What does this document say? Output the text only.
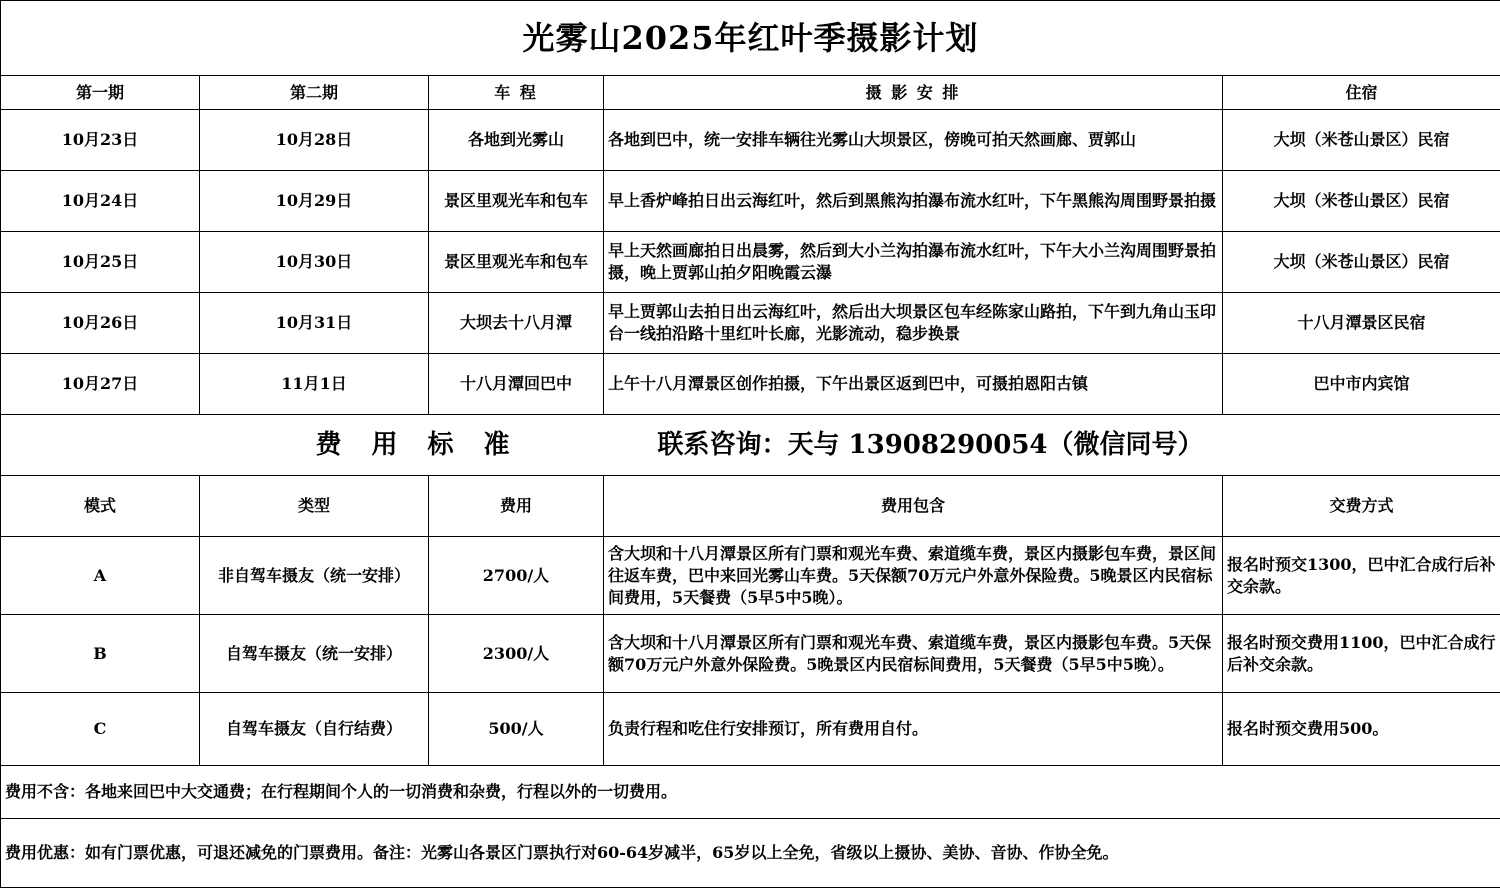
光雾山2025年红叶季摄影计划				
第一期	第二期	车 程	摄 影 安 排	住宿
10月23日	10月28日	各地到光雾山	各地到巴中，统一安排车辆往光雾山大坝景区，傍晚可拍天然画廊、贾郭山	大坝（米苍山景区）民宿
10月24日	10月29日	景区里观光车和包车	早上香炉峰拍日出云海红叶，然后到黑熊沟拍瀑布流水红叶，下午黑熊沟周围野景拍摄	大坝（米苍山景区）民宿
10月25日	10月30日	景区里观光车和包车	早上天然画廊拍日出晨雾，然后到大小兰沟拍瀑布流水红叶，下午大小兰沟周围野景拍摄，晚上贾郭山拍夕阳晚霞云瀑	大坝（米苍山景区）民宿
10月26日	10月31日	大坝去十八月潭	早上贾郭山去拍日出云海红叶，然后出大坝景区包车经陈家山路拍，下午到九角山玉印台一线拍沿路十里红叶长廊，光影流动，稳步换景	十八月潭景区民宿
10月27日	11月1日	十八月潭回巴中	上午十八月潭景区创作拍摄，下午出景区返到巴中，可摄拍恩阳古镇	巴中市内宾馆
费用标准 联系咨询：天与 13908290054（微信同号）				
模式	类型	费用	费用包含	交费方式
A	非自驾车摄友（统一安排）	2700/人	含大坝和十八月潭景区所有门票和观光车费、索道缆车费，景区内摄影包车费，景区间往返车费，巴中来回光雾山车费。5天保额70万元户外意外保险费。5晚景区内民宿标间费用，5天餐费（5早5中5晚）。	报名时预交1300，巴中汇合成行后补交余款。
B	自驾车摄友（统一安排）	2300/人	含大坝和十八月潭景区所有门票和观光车费、索道缆车费，景区内摄影包车费。5天保额70万元户外意外保险费。5晚景区内民宿标间费用，5天餐费（5早5中5晚）。	报名时预交费用1100，巴中汇合成行后补交余款。
C	自驾车摄友（自行结费）	500/人	负责行程和吃住行安排预订，所有费用自付。	报名时预交费用500。
费用不含：各地来回巴中大交通费；在行程期间个人的一切消费和杂费，行程以外的一切费用。				
费用优惠：如有门票优惠，可退还减免的门票费用。备注：光雾山各景区门票执行对60-64岁减半，65岁以上全免，省级以上摄协、美协、音协、作协全免。				
